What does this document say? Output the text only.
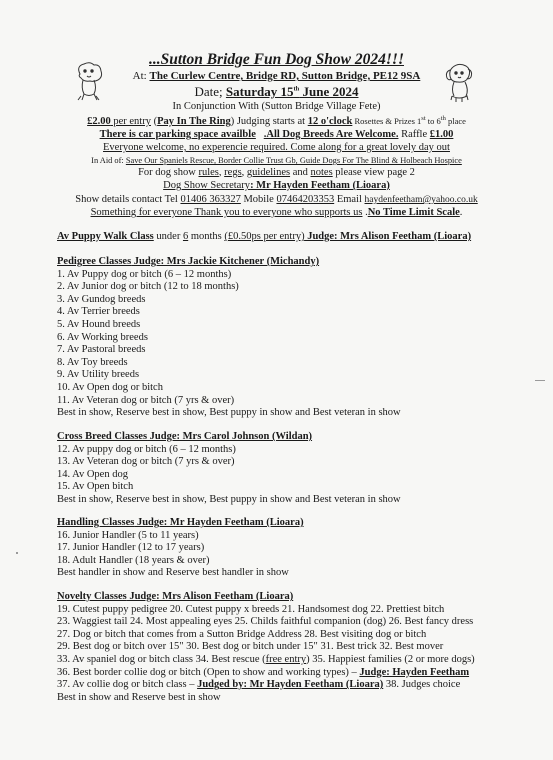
...Sutton Bridge Fun Dog Show 2024!!!
At: The Curlew Centre, Bridge RD, Sutton Bridge, PE12 9SA
Date; Saturday 15th June 2024
In Conjunction With (Sutton Bridge Village Fete)
£2.00 per entry (Pay In The Ring) Judging starts at 12 o'clock Rosettes & Prizes 1st to 6th place
There is car parking space availble .All Dog Breeds Are Welcome. Raffle £1.00
Everyone welcome, no experencie required. Come along for a great lovely day out
In Aid of: Save Our Spaniels Rescue, Border Collie Trust Gb, Guide Dogs For The Blind & Holbeach Hospice
For dog show rules, regs, guidelines and notes please view page 2
Dog Show Secretary: Mr Hayden Feetham (Lioara)
Show details contact Tel 01406 363327 Mobile 07464203353 Email haydenfeetham@yahoo.co.uk
Something for everyone Thank you to everyone who supports us .No Time Limit Scale.
Av Puppy Walk Class under 6 months (£0.50ps per entry) Judge: Mrs Alison Feetham (Lioara)
Pedigree Classes Judge: Mrs Jackie Kitchener (Michandy)
1. Av Puppy dog or bitch (6 – 12 months)
2. Av Junior dog or bitch (12 to 18 months)
3. Av Gundog breeds
4. Av Terrier breeds
5. Av Hound breeds
6. Av Working breeds
7. Av Pastoral breeds
8. Av Toy breeds
9. Av Utility breeds
10. Av Open dog or bitch
11. Av Veteran dog or bitch (7 yrs & over)
Best in show, Reserve best in show, Best puppy in show and Best veteran in show
Cross Breed Classes Judge: Mrs Carol Johnson (Wildan)
12. Av puppy dog or bitch (6 – 12 months)
13. Av Veteran dog or bitch (7 yrs & over)
14. Av Open dog
15. Av Open bitch
Best in show, Reserve best in show, Best puppy in show and Best veteran in show
Handling Classes Judge: Mr Hayden Feetham (Lioara)
16. Junior Handler (5 to 11 years)
17. Junior Handler (12 to 17 years)
18. Adult Handler (18 years & over)
Best handler in show and Reserve best handler in show
Novelty Classes Judge: Mrs Alison Feetham (Lioara)
19. Cutest puppy pedigree 20. Cutest puppy x breeds 21. Handsomest dog 22. Prettiest bitch
23. Waggiest tail 24. Most appealing eyes 25. Childs faithful companion (dog) 26. Best fancy dress
27. Dog or bitch that comes from a Sutton Bridge Address 28. Best visiting dog or bitch
29. Best dog or bitch over 15" 30. Best dog or bitch under 15" 31. Best trick 32. Best mover
33. Av spaniel dog or bitch class 34. Best rescue (free entry) 35. Happiest families (2 or more dogs)
36. Best border collie dog or bitch (Open to show and working types) – Judge: Hayden Feetham
37. Av collie dog or bitch class – Judged by: Mr Hayden Feetham (Lioara) 38. Judges choice
Best in show and Reserve best in show
